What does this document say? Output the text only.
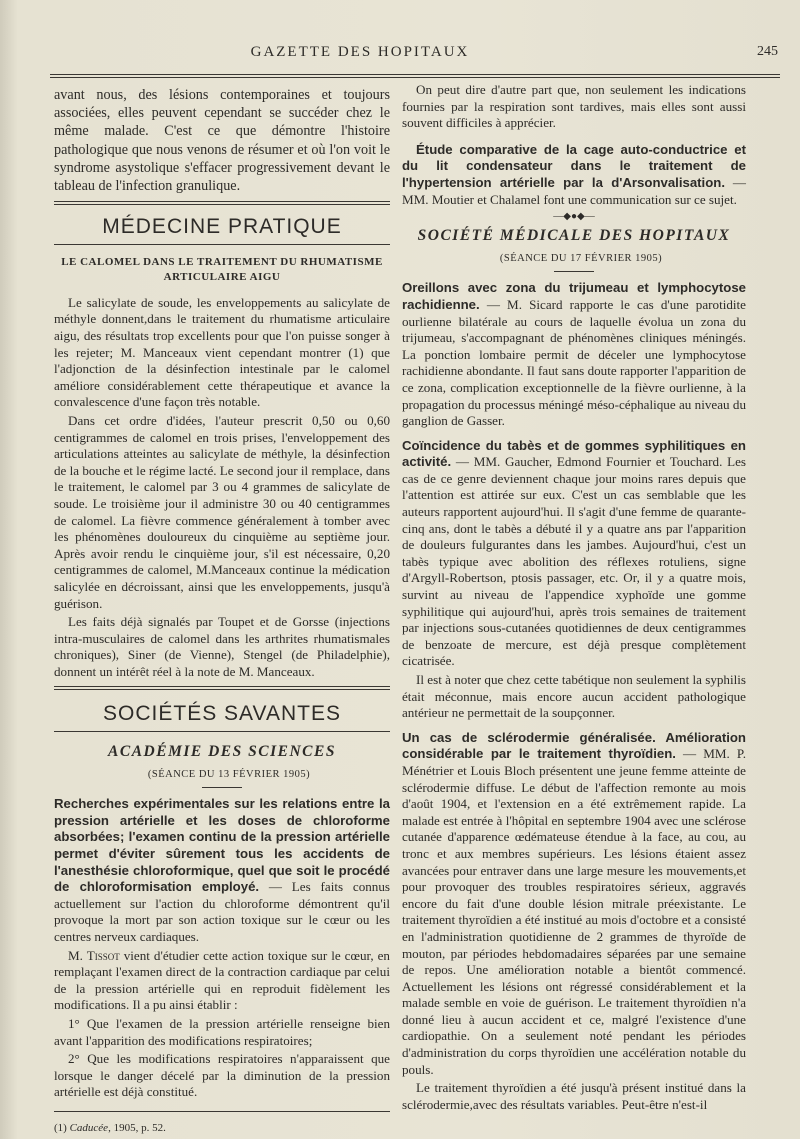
GAZETTE DES HOPITAUX	245

avant nous, des lésions contemporaines et toujours associées, elles peuvent cependant se succéder chez le même malade. C'est ce que démontre l'histoire pathologique que nous venons de résumer et où l'on voit le syndrome asystolique s'effacer progressivement devant le tableau de l'infection granulique.

MÉDECINE PRATIQUE
LE CALOMEL DANS LE TRAITEMENT DU RHUMATISME ARTICULAIRE AIGU

Le salicylate de soude, les enveloppements au salicylate de méthyle donnent,dans le traitement du rhumatisme articulaire aigu, des résultats trop excellents pour que l'on puisse songer à les rejeter; M. Manceaux vient cependant montrer (1) que l'adjonction de la désinfection intestinale par le calomel améliore considérablement cette thérapeutique et avance la convalescence d'une façon très notable.

Dans cet ordre d'idées, l'auteur prescrit 0,50 ou 0,60 centigrammes de calomel en trois prises, l'enveloppement des articulations atteintes au salicylate de méthyle, la désinfection de la bouche et le régime lacté. Le second jour il remplace, dans le traitement, le calomel par 3 ou 4 grammes de salicylate de soude. Le troisième jour il administre 30 ou 40 centigrammes de calomel. La fièvre commence généralement à tomber avec les phénomènes douloureux du cinquième au septième jour. Après avoir rendu le cinquième jour, s'il est nécessaire, 0,20 centigrammes de calomel, M.Manceaux continue la médication salicylée en décroissant, ainsi que les enveloppements, jusqu'à guérison.

Les faits déjà signalés par Toupet et de Gorsse (injections intra-musculaires de calomel dans les arthrites rhumatismales chroniques), Siner (de Vienne), Stengel (de Philadelphie), donnent un intérêt réel à la note de M. Manceaux.

SOCIÉTÉS SAVANTES
ACADÉMIE DES SCIENCES

(SÉANCE DU 13 FÉVRIER 1905)

Recherches expérimentales sur les relations entre la pression artérielle et les doses de chloroforme absorbées; l'examen continu de la pression artérielle permet d'éviter sûrement tous les accidents de l'anesthésie chloroformique, quel que soit le procédé de chloroformisation employé. — Les faits connus actuellement sur l'action du chloroforme démontrent qu'il provoque la mort par son action toxique sur le cœur ou les centres nerveux cardiaques.

M. Tissot vient d'étudier cette action toxique sur le cœur, en remplaçant l'examen direct de la contraction cardiaque par celui de la pression artérielle qui en reproduit fidèlement les modifications. Il a pu ainsi établir :

1° Que l'examen de la pression artérielle renseigne bien avant l'apparition des modifications respiratoires;

2° Que les modifications respiratoires n'apparaissent que lorsque le danger décelé par la diminution de la pression artérielle est déjà constitué.

(1) Caducée, 1905, p. 52.

On peut dire d'autre part que, non seulement les indications fournies par la respiration sont tardives, mais elles sont aussi souvent difficiles à apprécier.

Étude comparative de la cage auto-conductrice et du lit condensateur dans le traitement de l'hypertension artérielle par la d'Arsonvalisation. — MM. Moutier et Chalamel font une communication sur ce sujet.

—◆●◆—
SOCIÉTÉ MÉDICALE DES HOPITAUX

(SÉANCE DU 17 FÉVRIER 1905)

Oreillons avec zona du trijumeau et lymphocytose rachidienne. — M. Sicard rapporte le cas d'une parotidite ourlienne bilatérale au cours de laquelle évolua un zona du trijumeau, s'accompagnant de phénomènes cliniques méningés. La ponction lombaire permit de déceler une lymphocytose rachidienne abondante. Il faut sans doute rapporter l'apparition de ce zona, complication exceptionnelle de la fièvre ourlienne, à la propagation du processus méningé méso-céphalique au niveau du ganglion de Gasser.

Coïncidence du tabès et de gommes syphilitiques en activité. — MM. Gaucher, Edmond Fournier et Touchard. Les cas de ce genre deviennent chaque jour moins rares depuis que l'attention est attirée sur eux. C'est un cas semblable que les auteurs rapportent aujourd'hui. Il s'agit d'une femme de quarante-cinq ans, dont le tabès a débuté il y a quatre ans par l'apparition de douleurs fulgurantes dans les jambes. Aujourd'hui, c'est un tabès typique avec abolition des réflexes rotuliens, signe d'Argyll-Robertson, ptosis passager, etc. Or, il y a quatre mois, survint au niveau de l'appendice xyphoïde une gomme syphilitique qui aujourd'hui, après trois semaines de traitement par injections sous-cutanées quotidiennes de deux centigrammes de benzoate de mercure, est déjà presque complètement cicatrisée.

Il est à noter que chez cette tabétique non seulement la syphilis était méconnue, mais encore aucun accident pathologique antérieur ne permettait de la soupçonner.

Un cas de sclérodermie généralisée. Amélioration considérable par le traitement thyroïdien. — MM. P. Ménétrier et Louis Bloch présentent une jeune femme atteinte de sclérodermie diffuse. Le début de l'affection remonte au mois d'août 1904, et l'extension en a été extrêmement rapide. La malade est entrée à l'hôpital en septembre 1904 avec une sclérose cutanée d'apparence œdémateuse étendue à la face, au cou, au tronc et aux membres supérieurs. Les lésions étaient assez avancées pour entraver dans une large mesure les mouvements,et pour provoquer des troubles respiratoires sérieux, aggravés encore du fait d'une double lésion mitrale préexistante. Le traitement thyroïdien a été institué au mois d'octobre et a consisté en l'administration quotidienne de 2 grammes de thyroïde de mouton, par périodes hebdomadaires séparées par une semaine de repos. Une amélioration notable a bientôt commencé. Actuellement les lésions ont régressé considérablement et la malade semble en voie de guérison. Le traitement thyroïdien n'a donné lieu à aucun accident et ce, malgré l'existence d'une cardiopathie. On a seulement noté pendant les périodes d'administration du corps thyroïdien une accélération notable du pouls.

Le traitement thyroïdien a été jusqu'à présent institué dans la sclérodermie,avec des résultats variables. Peut-être n'est-il
